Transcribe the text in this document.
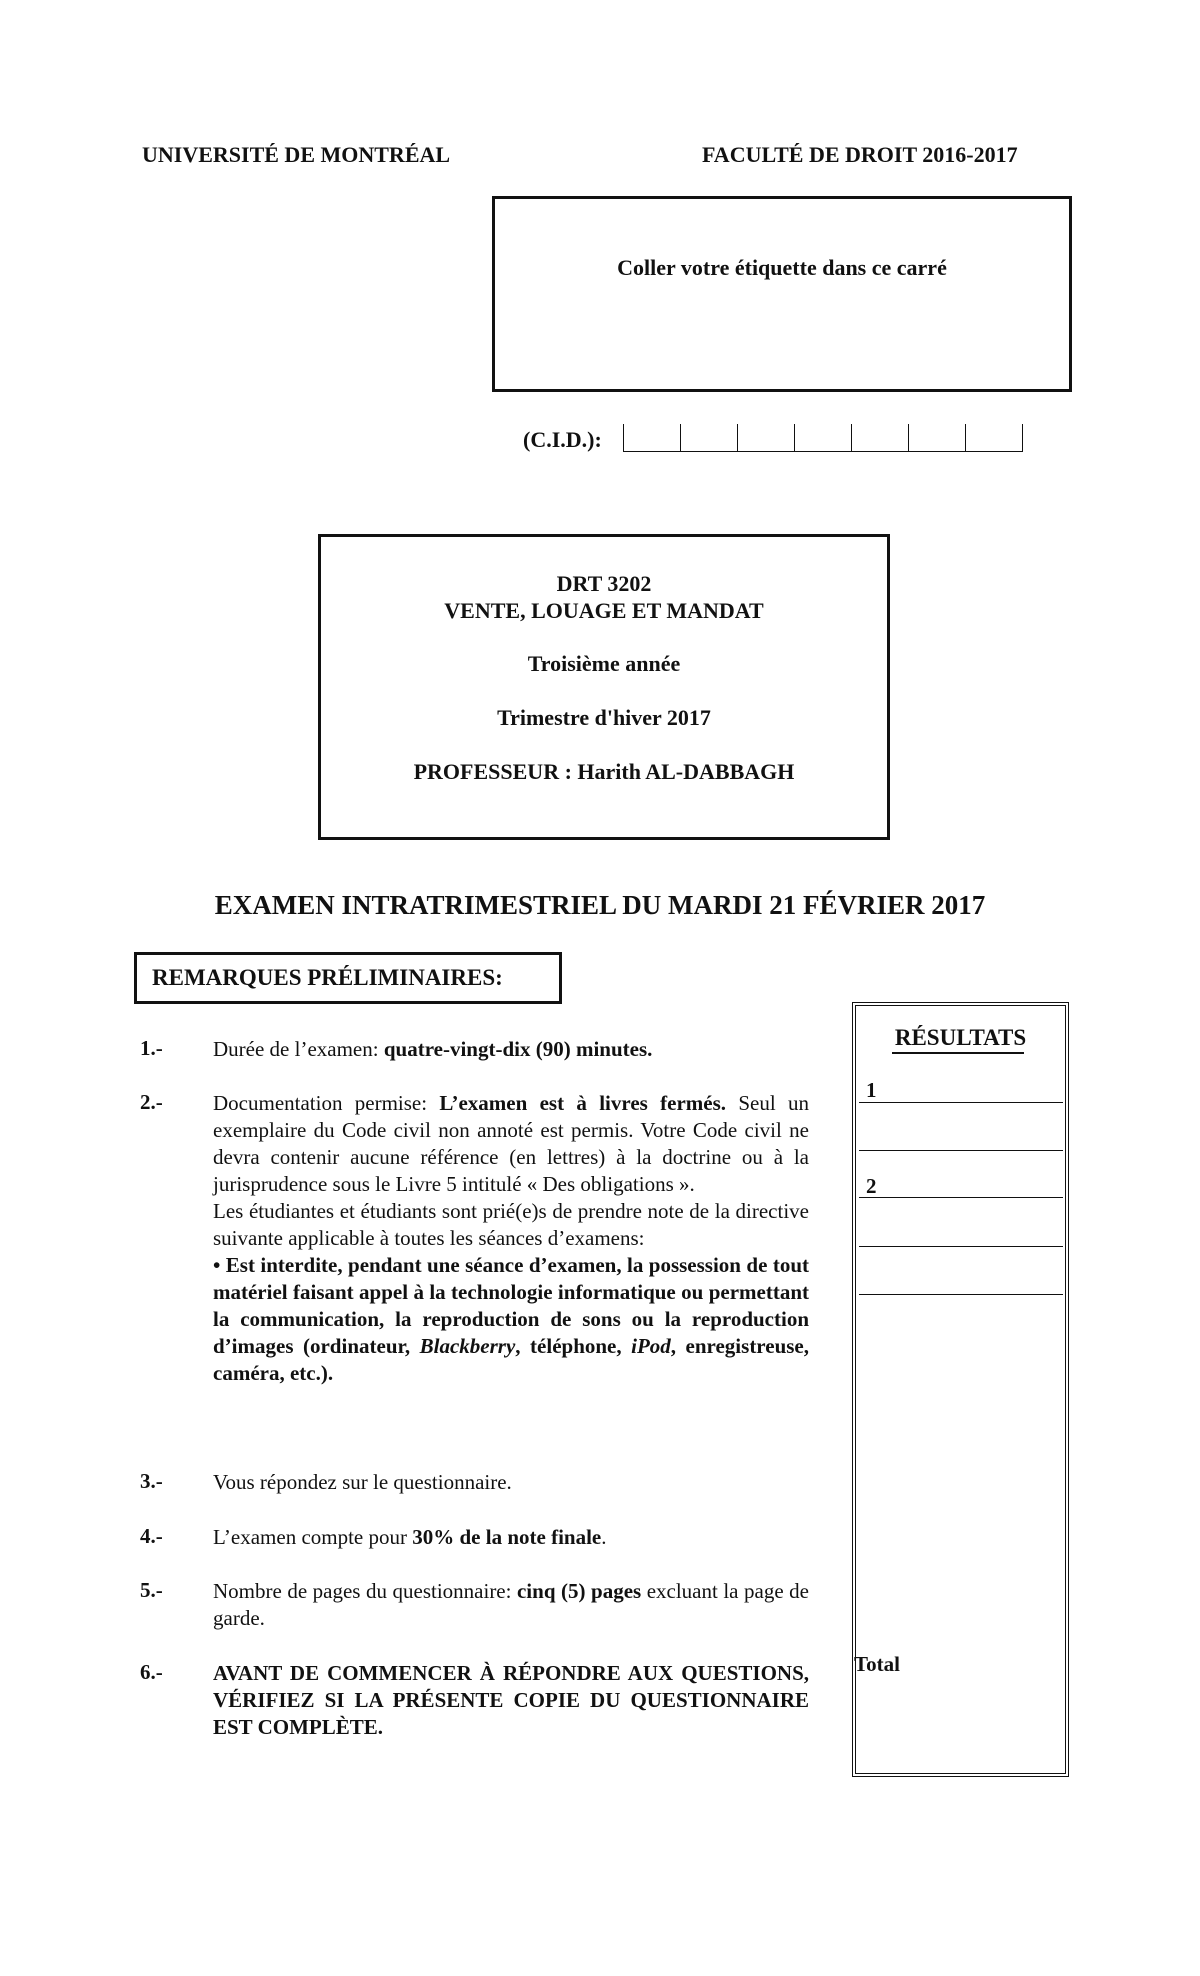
UNIVERSITÉ DE MONTRÉAL	FACULTÉ DE DROIT 2016-2017
Coller votre étiquette dans ce carré
(C.I.D.):
DRT 3202
VENTE, LOUAGE ET MANDAT
Troisième année
Trimestre d'hiver 2017
PROFESSEUR : Harith AL-DABBAGH
EXAMEN INTRATRIMESTRIEL DU MARDI 21 FÉVRIER 2017
REMARQUES PRÉLIMINAIRES:
1.- Durée de l’examen: quatre-vingt-dix (90) minutes.
2.- Documentation permise: L’examen est à livres fermés. Seul un exemplaire du Code civil non annoté est permis. Votre Code civil ne devra contenir aucune référence (en lettres) à la doctrine ou à la jurisprudence sous le Livre 5 intitulé « Des obligations ».
Les étudiantes et étudiants sont prié(e)s de prendre note de la directive suivante applicable à toutes les séances d’examens:

• Est interdite, pendant une séance d’examen, la possession de tout matériel faisant appel à la technologie informatique ou permettant la communication, la reproduction de sons ou la reproduction d’images (ordinateur, Blackberry, téléphone, iPod, enregistreuse, caméra, etc.).
3.- Vous répondez sur le questionnaire.
4.- L’examen compte pour 30% de la note finale.
5.- Nombre de pages du questionnaire: cinq (5) pages excluant la page de garde.
6.- AVANT DE COMMENCER À RÉPONDRE AUX QUESTIONS, VÉRIFIEZ SI LA PRÉSENTE COPIE DU QUESTIONNAIRE EST COMPLÈTE.
RÉSULTATS
1
2
Total
